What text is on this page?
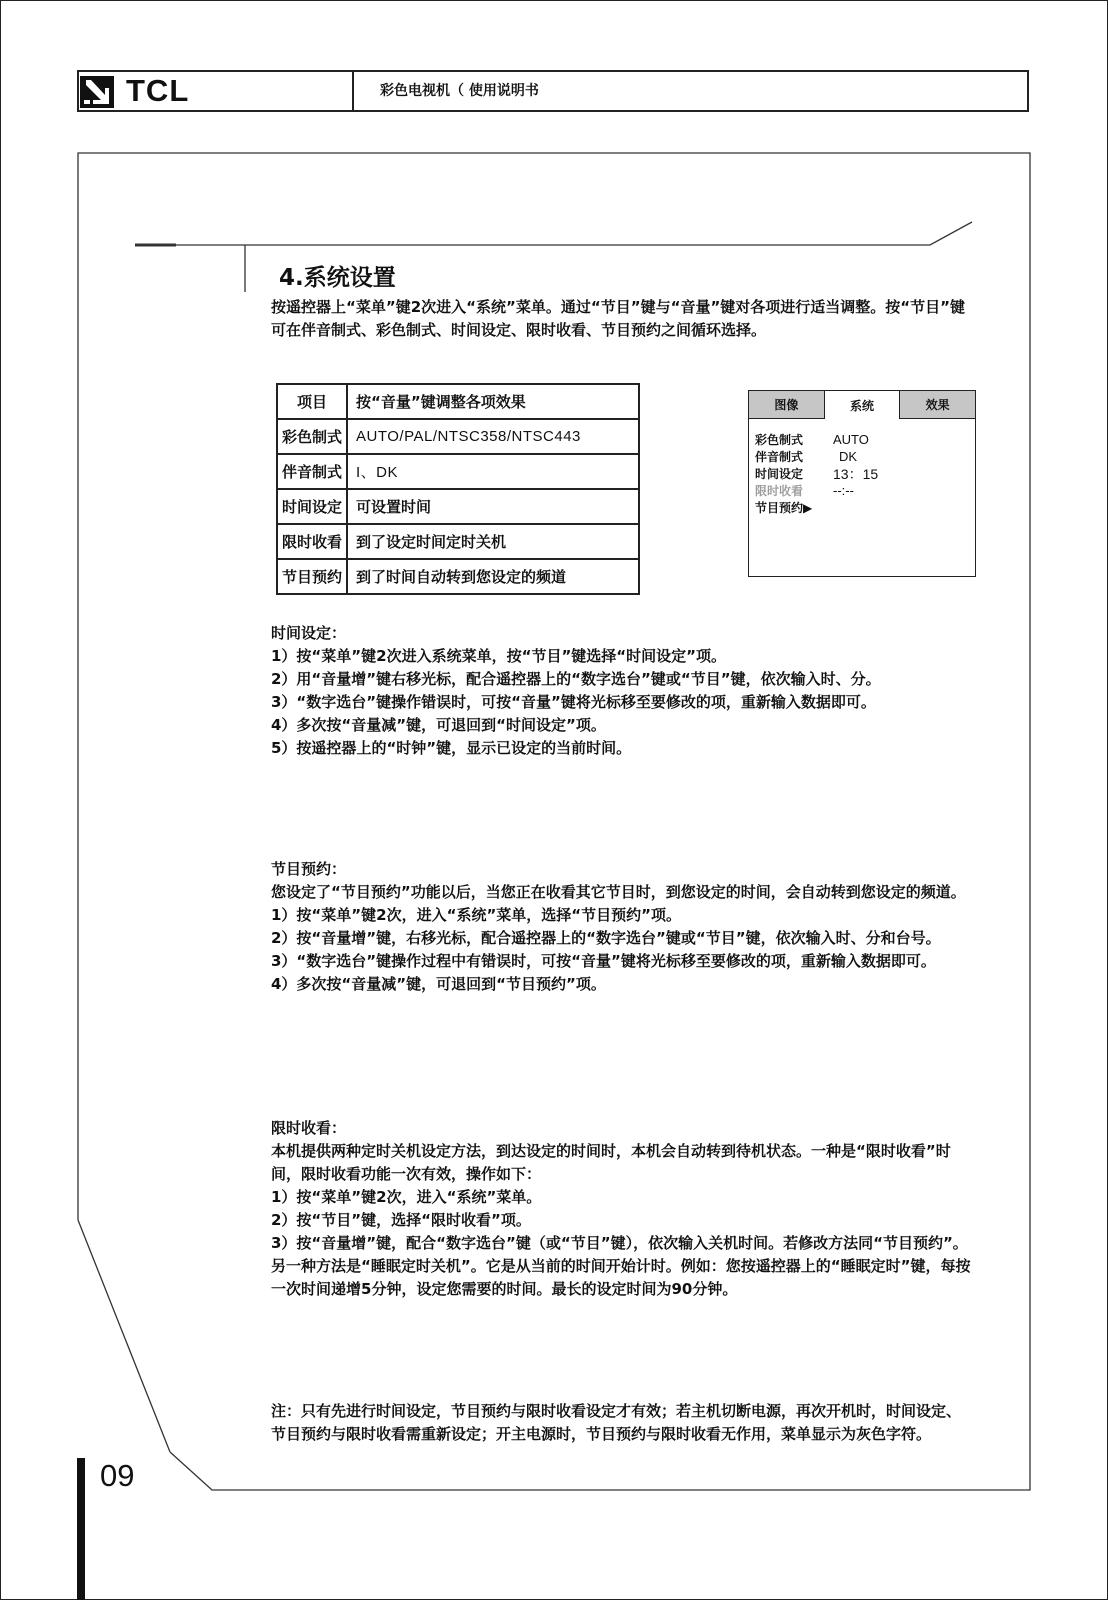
TCL	彩色电视机（ 使用说明书
4.系统设置

按遥控器上“菜单”键2次进入“系统”菜单。通过“节目”键与“音量”键对各项进行适当调整。按“节目”键可在伴音制式、彩色制式、时间设定、限时收看、节目预约之间循环选择。

项目	按“音量”键调整各项效果
彩色制式	AUTO/PAL/NTSC358/NTSC443
伴音制式	I、DK
时间设定	可设置时间
限时收看	到了设定时间定时关机
节目预约	到了时间自动转到您设定的频道
图像	系统	效果
彩色制式	AUTO
伴音制式	DK
时间设定	13：15
限时收看	--:--
节目预约 ▶

时间设定：

1）按“菜单”键2次进入系统菜单，按“节目”键选择“时间设定”项。

2）用“音量增”键右移光标，配合遥控器上的“数字选台”键或“节目”键，依次输入时、分。

3）“数字选台”键操作错误时，可按“音量”键将光标移至要修改的项，重新输入数据即可。

4）多次按“音量减”键，可退回到“时间设定”项。

5）按遥控器上的“时钟”键，显示已设定的当前时间。

节目预约：

您设定了“节目预约”功能以后，当您正在收看其它节目时，到您设定的时间，会自动转到您设定的频道。

1）按“菜单”键2次，进入“系统”菜单，选择“节目预约”项。

2）按“音量增”键，右移光标，配合遥控器上的“数字选台”键或“节目”键，依次输入时、分和台号。

3）“数字选台”键操作过程中有错误时，可按“音量”键将光标移至要修改的项，重新输入数据即可。

4）多次按“音量减”键，可退回到“节目预约”项。

限时收看：

本机提供两种定时关机设定方法，到达设定的时间时，本机会自动转到待机状态。一种是“限时收看”时间，限时收看功能一次有效，操作如下：

1）按“菜单”键2次，进入“系统”菜单。

2）按“节目”键，选择“限时收看”项。

3）按“音量增”键，配合“数字选台”键（或“节目”键），依次输入关机时间。若修改方法同“节目预约”。

另一种方法是“睡眠定时关机”。它是从当前的时间开始计时。例如：您按遥控器上的“睡眠定时”键，每按一次时间递增5分钟，设定您需要的时间。最长的设定时间为90分钟。

注：只有先进行时间设定，节目预约与限时收看设定才有效；若主机切断电源，再次开机时，时间设定、节目预约与限时收看需重新设定；开主电源时，节目预约与限时收看无作用，菜单显示为灰色字符。

09
